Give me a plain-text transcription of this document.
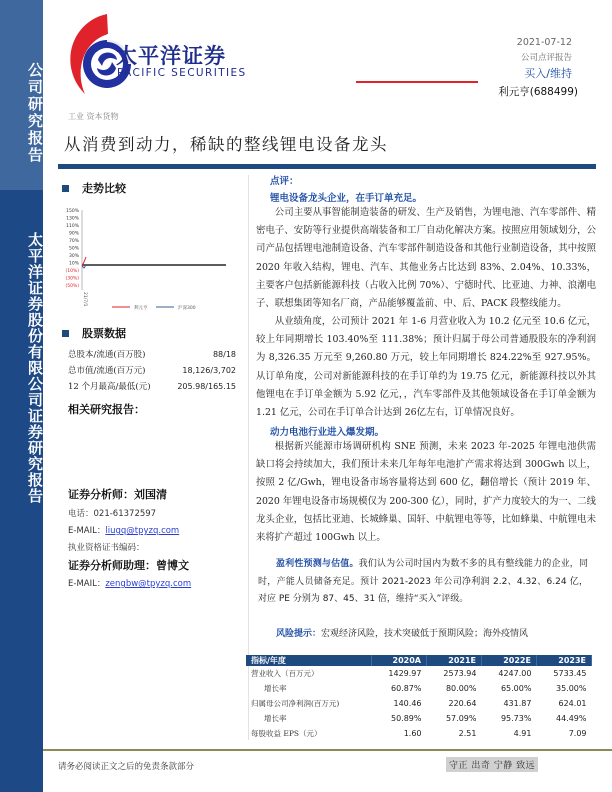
公司研究报告
太平洋证券股份有限公司证券研究报告
太平洋证券
PACIFIC SECURITIES
2021-07-12
公司点评报告
买入/维持
利元亨(688499)
工业 资本货物
从消费到动力，稀缺的整线锂电设备龙头
走势比较
150%
130%
110%
90%
70%
50%
30%
10%
(10%)
(30%)
(50%)
21/7/1
利元亨	沪深300
股票数据
总股本/流通(百万股)	88/18
总市值/流通(百万元)	18,126/3,702
12 个月最高/最低(元)	205.98/165.15
相关研究报告：
证券分析师：刘国清
电话：021-61372597
E-MAIL：liugq@tpyzq.com
执业资格证书编码：
证券分析师助理：曾博文
E-MAIL：zengbw@tpyzq.com
点评：
锂电设备龙头企业，在手订单充足。

公司主要从事智能制造装备的研发、生产及销售，为锂电池、汽车零部件、精密电子、安防等行业提供高端装备和工厂自动化解决方案。按照应用领域划分，公司产品包括锂电池制造设备、汽车零部件制造设备和其他行业制造设备，其中按照 2020 年收入结构，锂电、汽车、其他业务占比达到 83%、2.04%、10.33%，主要客户包括新能源科技（占收入比例 70%）、宁德时代、比亚迪、力神、浪潮电子、联想集团等知名厂商，产品能够覆盖前、中、后、PACK 段整线能力。

从业绩角度，公司预计 2021 年 1-6 月营业收入为 10.2 亿元至 10.6 亿元，较上年同期增长 103.40%至 111.38%；预计归属于母公司普通股股东的净利润为 8,326.35 万元至 9,260.80 万元，较上年同期增长 824.22%至 927.95%。从订单角度，公司对新能源科技的在手订单约为 19.75 亿元，新能源科技以外其他锂电在手订单金额为 5.92 亿元，，汽车零部件及其他领域设备在手订单金额为 1.21 亿元，公司在手订单合计达到 26亿左右，订单情况良好。

动力电池行业进入爆发期。

根据新兴能源市场调研机构 SNE 预测，未来 2023 年-2025 年锂电池供需缺口将会持续加大，我们预计未来几年每年电池扩产需求将达到 300Gwh 以上，按照 2 亿/Gwh，锂电设备市场容量将达到 600 亿，翻倍增长（预计 2019 年、2020 年锂电设备市场规模仅为 200-300 亿），同时，扩产力度较大的为一、二线龙头企业，包括比亚迪、长城蜂巢、国轩、中航锂电等等，比如蜂巢、中航锂电未来将扩产超过 100Gwh 以上。

盈利性预测与估值。我们认为公司时国内为数不多的具有整线能力的企业，同时，产能人员储备充足。预计 2021-2023 年公司净利润 2.2、4.32、6.24 亿，对应 PE 分别为 87、45、31 倍，维持“买入”评级。

风险提示：宏观经济风险，技术突破低于预期风险；海外疫情风

指标/年度	2020A	2021E	2022E	2023E
营业收入（百万元）	1429.97	2573.94	4247.00	5733.45
增长率	60.87%	80.00%	65.00%	35.00%
归属母公司净利润(百万元)	140.46	220.64	431.87	624.01
增长率	50.89%	57.09%	95.73%	44.49%
每股收益 EPS（元）	1.60	2.51	4.91	7.09
请务必阅读正文之后的免责条款部分	守正 出奇 宁静 致远
